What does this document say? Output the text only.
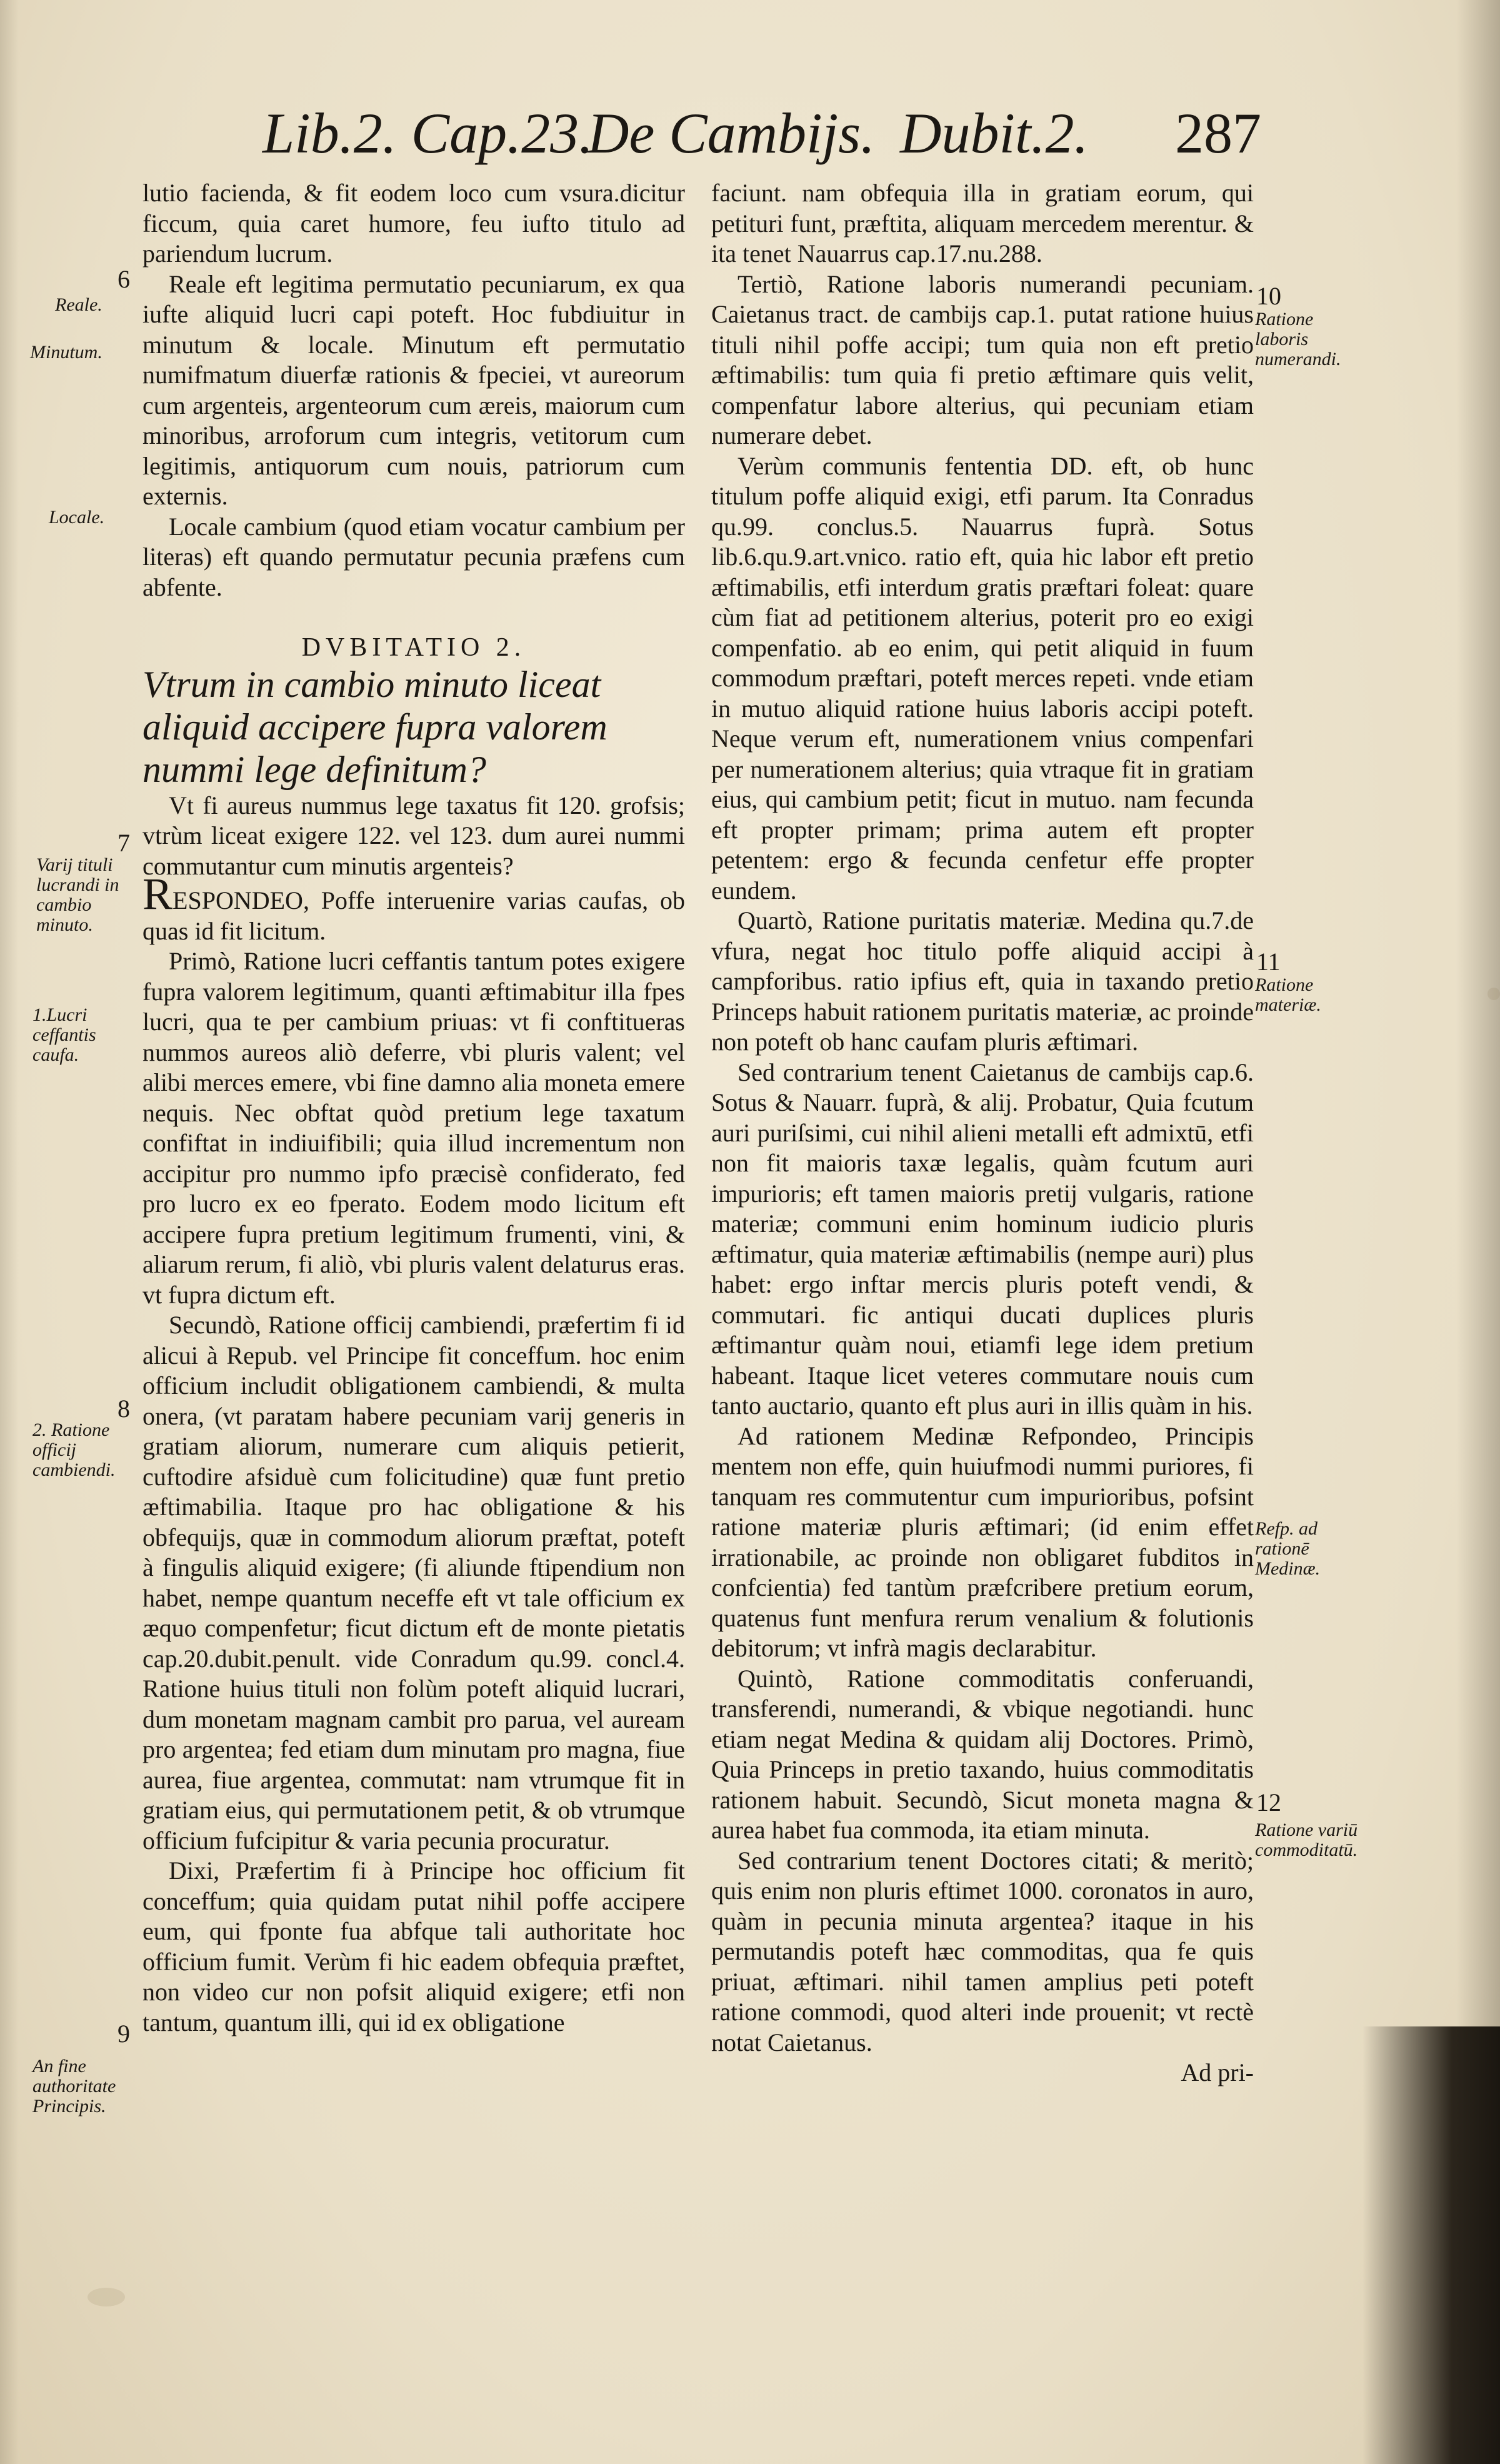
Lib.2. Cap.23.
De Cambijs. Dubit.2. 287
6
Reale.
Minutum.
Locale.
7
Varij tituli lucrandi in cambio minuto.
1.Lucri ceffantis caufa.
8
2. Ratione officij cambiendi.
9
An fine authoritate Principis.
10
Ratione laboris numerandi.
11
Ratione materiæ.
Refp. ad rationē Medinæ.
12
Ratione variū commoditatū.

lutio facienda, & fit eodem loco cum vsura.dicitur ficcum, quia caret humore, feu iufto titulo ad pariendum lucrum.

Reale eft legitima permutatio pecuniarum, ex qua iufte aliquid lucri capi poteft. Hoc fubdiuitur in minutum & locale. Minutum eft permutatio numifmatum diuerfæ rationis & fpeciei, vt aureorum cum argenteis, argenteorum cum æreis, maiorum cum minoribus, arroforum cum integris, vetitorum cum legitimis, antiquorum cum nouis, patriorum cum externis.

Locale cambium (quod etiam vocatur cambium per literas) eft quando permutatur pecunia præfens cum abfente.

DVBITATIO 2.

Vtrum in cambio minuto liceat aliquid accipere fupra valorem nummi lege definitum?

Vt fi aureus nummus lege taxatus fit 120. grofsis; vtrùm liceat exigere 122. vel 123. dum aurei nummi commutantur cum minutis argenteis?

RESPONDEO, Poffe interuenire varias caufas, ob quas id fit licitum.

Primò, Ratione lucri ceffantis tantum potes exigere fupra valorem legitimum, quanti æftimabitur illa fpes lucri, qua te per cambium priuas: vt fi conftitueras nummos aureos aliò deferre, vbi pluris valent; vel alibi merces emere, vbi fine damno alia moneta emere nequis. Nec obftat quòd pretium lege taxatum confiftat in indiuifibili; quia illud incrementum non accipitur pro nummo ipfo præcisè confiderato, fed pro lucro ex eo fperato. Eodem modo licitum eft accipere fupra pretium legitimum frumenti, vini, & aliarum rerum, fi aliò, vbi pluris valent delaturus eras. vt fupra dictum eft.

Secundò, Ratione officij cambiendi, præfertim fi id alicui à Repub. vel Principe fit conceffum. hoc enim officium includit obligationem cambiendi, & multa onera, (vt paratam habere pecuniam varij generis in gratiam aliorum, numerare cum aliquis petierit, cuftodire afsiduè cum folicitudine) quæ funt pretio æftimabilia. Itaque pro hac obligatione & his obfequijs, quæ in commodum aliorum præftat, poteft à fingulis aliquid exigere; (fi aliunde ftipendium non habet, nempe quantum neceffe eft vt tale officium ex æquo compenfetur; ficut dictum eft de monte pietatis cap.20.dubit.penult. vide Conradum qu.99. concl.4. Ratione huius tituli non folùm poteft aliquid lucrari, dum monetam magnam cambit pro parua, vel auream pro argentea; fed etiam dum minutam pro magna, fiue aurea, fiue argentea, commutat: nam vtrumque fit in gratiam eius, qui permutationem petit, & ob vtrumque officium fufcipitur & varia pecunia procuratur.

Dixi, Præfertim fi à Principe hoc officium fit conceffum; quia quidam putat nihil poffe accipere eum, qui fponte fua abfque tali authoritate hoc officium fumit. Verùm fi hic eadem obfequia præftet, non video cur non pofsit aliquid exigere; etfi non tantum, quantum illi, qui id ex obligatione

faciunt. nam obfequia illa in gratiam eorum, qui petituri funt, præftita, aliquam mercedem merentur. & ita tenet Nauarrus cap.17.nu.288.

Tertiò, Ratione laboris numerandi pecuniam. Caietanus tract. de cambijs cap.1. putat ratione huius tituli nihil poffe accipi; tum quia non eft pretio æftimabilis: tum quia fi pretio æftimare quis velit, compenfatur labore alterius, qui pecuniam etiam numerare debet.

Verùm communis fententia DD. eft, ob hunc titulum poffe aliquid exigi, etfi parum. Ita Conradus qu.99. conclus.5. Nauarrus fuprà. Sotus lib.6.qu.9.art.vnico. ratio eft, quia hic labor eft pretio æftimabilis, etfi interdum gratis præftari foleat: quare cùm fiat ad petitionem alterius, poterit pro eo exigi compenfatio. ab eo enim, qui petit aliquid in fuum commodum præftari, poteft merces repeti. vnde etiam in mutuo aliquid ratione huius laboris accipi poteft. Neque verum eft, numerationem vnius compenfari per numerationem alterius; quia vtraque fit in gratiam eius, qui cambium petit; ficut in mutuo. nam fecunda eft propter primam; prima autem eft propter petentem: ergo & fecunda cenfetur effe propter eundem.

Quartò, Ratione puritatis materiæ. Medina qu.7.de vfura, negat hoc titulo poffe aliquid accipi à campforibus. ratio ipfius eft, quia in taxando pretio Princeps habuit rationem puritatis materiæ, ac proinde non poteft ob hanc caufam pluris æftimari.

Sed contrarium tenent Caietanus de cambijs cap.6. Sotus & Nauarr. fuprà, & alij. Probatur, Quia fcutum auri puriſsimi, cui nihil alieni metalli eft admixtū, etfi non fit maioris taxæ legalis, quàm fcutum auri impurioris; eft tamen maioris pretij vulgaris, ratione materiæ; communi enim hominum iudicio pluris æftimatur, quia materiæ æftimabilis (nempe auri) plus habet: ergo inftar mercis pluris poteft vendi, & commutari. fic antiqui ducati duplices pluris æftimantur quàm noui, etiamfi lege idem pretium habeant. Itaque licet veteres commutare nouis cum tanto auctario, quanto eft plus auri in illis quàm in his.

Ad rationem Medinæ Refpondeo, Principis mentem non effe, quin huiufmodi nummi puriores, fi tanquam res commutentur cum impurioribus, pofsint ratione materiæ pluris æftimari; (id enim effet irrationabile, ac proinde non obligaret fubditos in confcientia) fed tantùm præfcribere pretium eorum, quatenus funt menfura rerum venalium & folutionis debitorum; vt infrà magis declarabitur.

Quintò, Ratione commoditatis conferuandi, transferendi, numerandi, & vbique negotiandi. hunc etiam negat Medina & quidam alij Doctores. Primò, Quia Princeps in pretio taxando, huius commoditatis rationem habuit. Secundò, Sicut moneta magna & aurea habet fua commoda, ita etiam minuta.

Sed contrarium tenent Doctores citati; & meritò; quis enim non pluris eftimet 1000. coronatos in auro, quàm in pecunia minuta argentea? itaque in his permutandis poteft hæc commoditas, qua fe quis priuat, æftimari. nihil tamen amplius peti poteft ratione commodi, quod alteri inde prouenit; vt rectè notat Caietanus.

Ad pri-
